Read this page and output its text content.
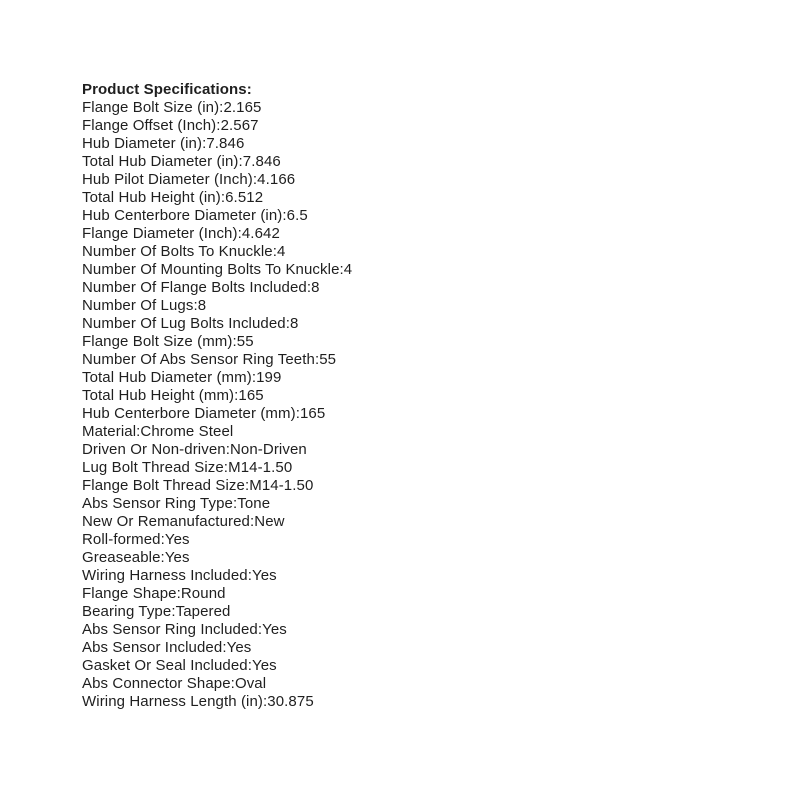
Product Specifications:
Flange Bolt Size (in):2.165
Flange Offset (Inch):2.567
Hub Diameter (in):7.846
Total Hub Diameter (in):7.846
Hub Pilot Diameter (Inch):4.166
Total Hub Height (in):6.512
Hub Centerbore Diameter (in):6.5
Flange Diameter (Inch):4.642
Number Of Bolts To Knuckle:4
Number Of Mounting Bolts To Knuckle:4
Number Of Flange Bolts Included:8
Number Of Lugs:8
Number Of Lug Bolts Included:8
Flange Bolt Size (mm):55
Number Of Abs Sensor Ring Teeth:55
Total Hub Diameter (mm):199
Total Hub Height (mm):165
Hub Centerbore Diameter (mm):165
Material:Chrome Steel
Driven Or Non-driven:Non-Driven
Lug Bolt Thread Size:M14-1.50
Flange Bolt Thread Size:M14-1.50
Abs Sensor Ring Type:Tone
New Or Remanufactured:New
Roll-formed:Yes
Greaseable:Yes
Wiring Harness Included:Yes
Flange Shape:Round
Bearing Type:Tapered
Abs Sensor Ring Included:Yes
Abs Sensor Included:Yes
Gasket Or Seal Included:Yes
Abs Connector Shape:Oval
Wiring Harness Length (in):30.875
